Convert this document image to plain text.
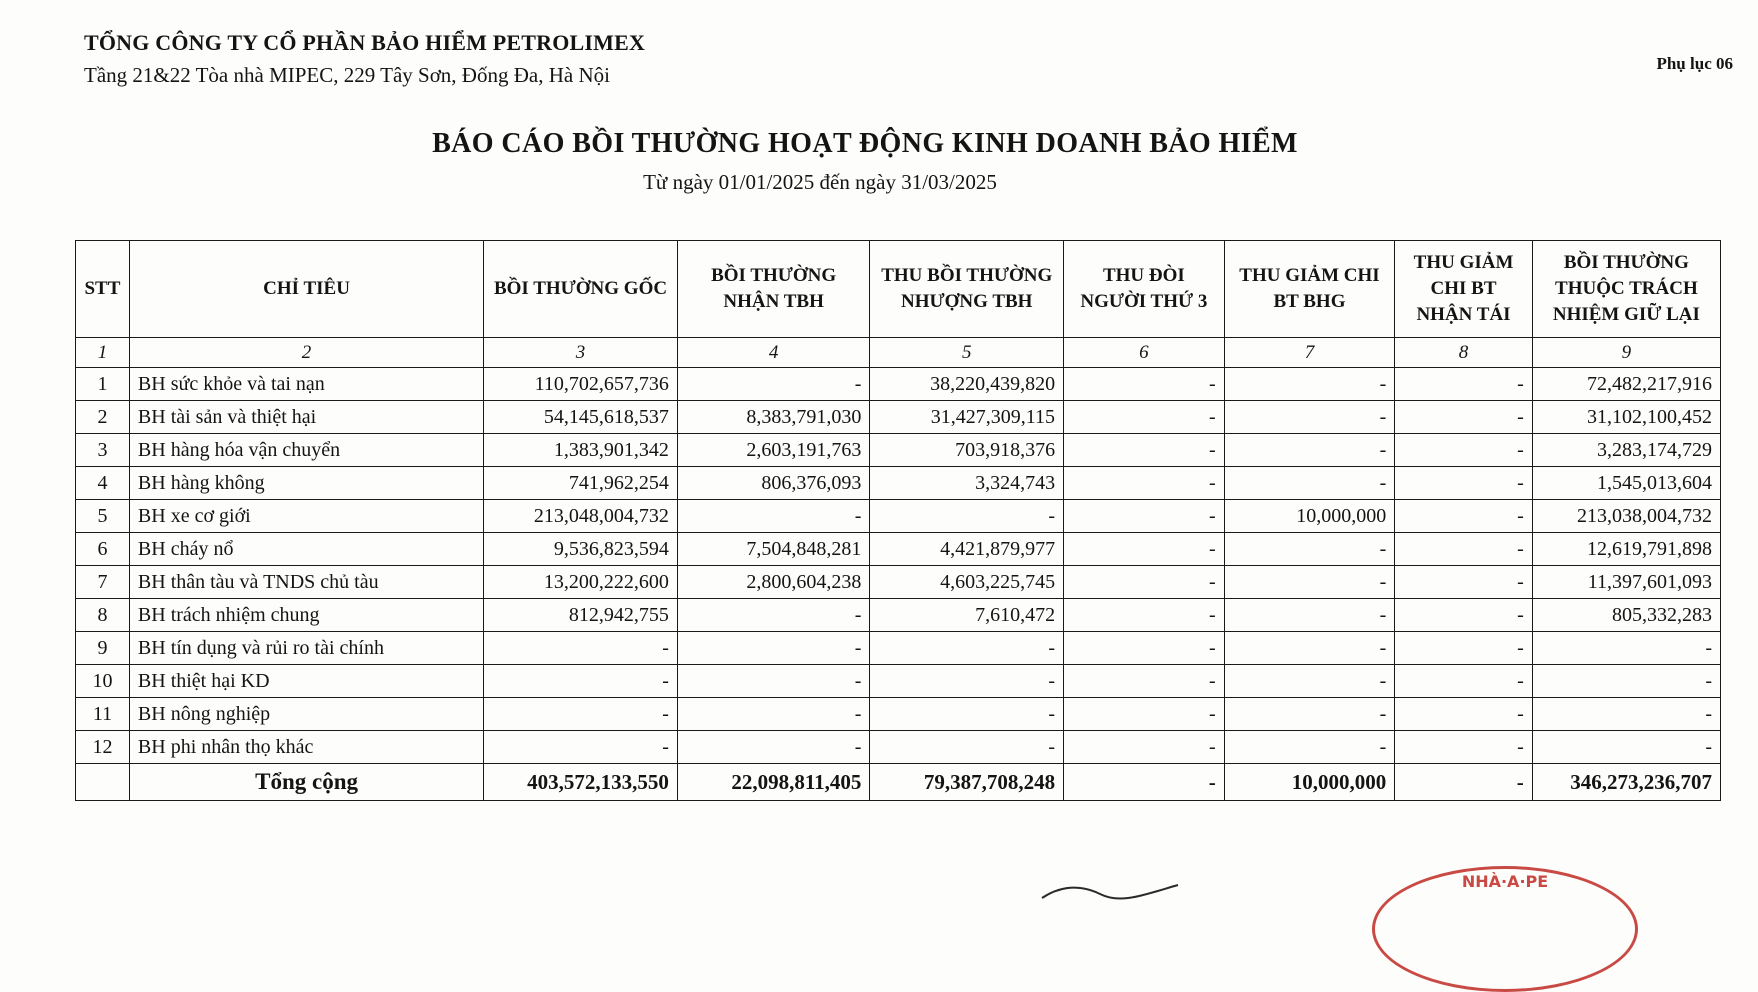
TỔNG CÔNG TY CỔ PHẦN BẢO HIỂM PETROLIMEX
Tầng 21&22 Tòa nhà MIPEC, 229 Tây Sơn, Đống Đa, Hà Nội	Phụ lục 06
BÁO CÁO BỒI THƯỜNG HOẠT ĐỘNG KINH DOANH BẢO HIỂM
Từ ngày 01/01/2025 đến ngày 31/03/2025
STT	CHỈ TIÊU	BỒI THƯỜNG GỐC	BỒI THƯỜNG NHẬN TBH	THU BỒI THƯỜNG NHƯỢNG TBH	THU ĐÒI NGƯỜI THỨ 3	THU GIẢM CHI BT BHG	THU GIẢM CHI BT NHẬN TÁI	BỒI THƯỜNG THUỘC TRÁCH NHIỆM GIỮ LẠI
1	2	3	4	5	6	7	8	9
1	BH sức khỏe và tai nạn	110,702,657,736	-	38,220,439,820	-	-	-	72,482,217,916
2	BH tài sản và thiệt hại	54,145,618,537	8,383,791,030	31,427,309,115	-	-	-	31,102,100,452
3	BH hàng hóa vận chuyển	1,383,901,342	2,603,191,763	703,918,376	-	-	-	3,283,174,729
4	BH hàng không	741,962,254	806,376,093	3,324,743	-	-	-	1,545,013,604
5	BH xe cơ giới	213,048,004,732	-	-	-	10,000,000	-	213,038,004,732
6	BH cháy nổ	9,536,823,594	7,504,848,281	4,421,879,977	-	-	-	12,619,791,898
7	BH thân tàu và TNDS chủ tàu	13,200,222,600	2,800,604,238	4,603,225,745	-	-	-	11,397,601,093
8	BH trách nhiệm chung	812,942,755	-	7,610,472	-	-	-	805,332,283
9	BH tín dụng và rủi ro tài chính	-	-	-	-	-	-	-
10	BH thiệt hại KD	-	-	-	-	-	-	-
11	BH nông nghiệp	-	-	-	-	-	-	-
12	BH phi nhân thọ khác	-	-	-	-	-	-	-
	Tổng cộng	403,572,133,550	22,098,811,405	79,387,708,248	-	10,000,000	-	346,273,236,707
NHÀ·A·PE
